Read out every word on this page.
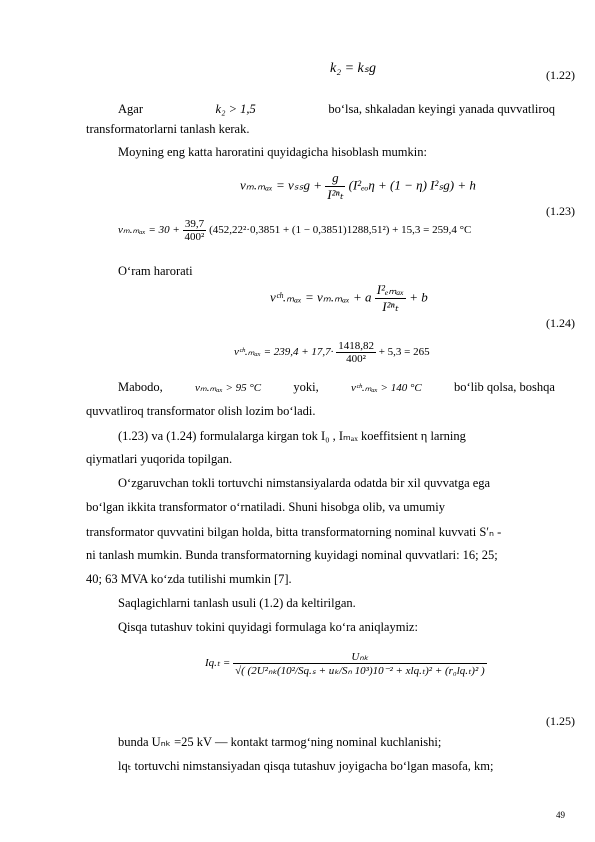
k₂ = kₛg	(1.22)
Agar	k₂ > 1,5	bo‘lsa, shkaladan keyingi yanada quvvatliroq
transformatorlarni tanlash kerak.
Moyning eng katta haroratini quyidagicha hisoblash mumkin:
$v_m._{max} = v_{ss}g + \frac{g}{\text{I²ⁿₜ}} (I^2_{eo}\eta + (1 - \eta) I^2_sg) + h$
(1.23)
$v_m._{max} = 30 + \frac{39,7}{\text{400²}} (452,22^2\cdot 0,3851 + (1 - 0,3851)1288,51^2) + 15,3 = 259,4$ °C
O‘ram harorati
vᶜʰ.ₘₐₓ = vₘ.ₘₐₓ + a $\frac{\text{I²ₑₘₐₓ}}{\text{I²ⁿₜ}} + b$
(1.24)
vᶜʰ.ₘₐₓ = $239,4 + 17,7\cdot \frac{1418,82}{\text{400²}} + 5,3 = 265$
Mabodo,	vₘ.ₘₐₓ > 95 °C	yoki,	vᶜʰ.ₘₐₓ > 140 °C	bo‘lib qolsa, boshqa
quvvatliroq transformator olish lozim bo‘ladi.
(1.23) va (1.24) formulalarga kirgan tok I₀ , Iₘₐₓ koeffitsient η larning
qiymatlari yuqorida topilgan.
O‘zgaruvchan tokli tortuvchi nimstansiyalarda odatda bir xil quvvatga ega
bo‘lgan ikkita transformator o‘rnatiladi. Shuni hisobga olib, va umumiy
transformator quvvatini bilgan holda, bitta transformatorning nominal kuvvati S′ₙ -
ni tanlash mumkin. Bunda transformatorning kuyidagi nominal quvvatlari: 16; 25;
40; 63 MVA ko‘zda tutilishi mumkin [7].
Saqlagichlarni tanlash usuli (1.2) da keltirilgan.
Qisqa tutashuv tokini quyidagi formulaga ko‘ra aniqlaymiz:
$Iq._t = \frac{\text{Uₙₖ}}{\text{√( (2U²ₙₖ(10²/Sq.ₛ + uₖ/Sₙ 10³)10⁻² + xlq.ₜ)² + (r₀lq.ₜ)² )}}$
(1.25)
bunda Uₙₖ =25 kV — kontakt tarmog‘ning nominal kuchlanishi;
lqₜ tortuvchi nimstansiyadan qisqa tutashuv joyigacha bo‘lgan masofa, km;
49
